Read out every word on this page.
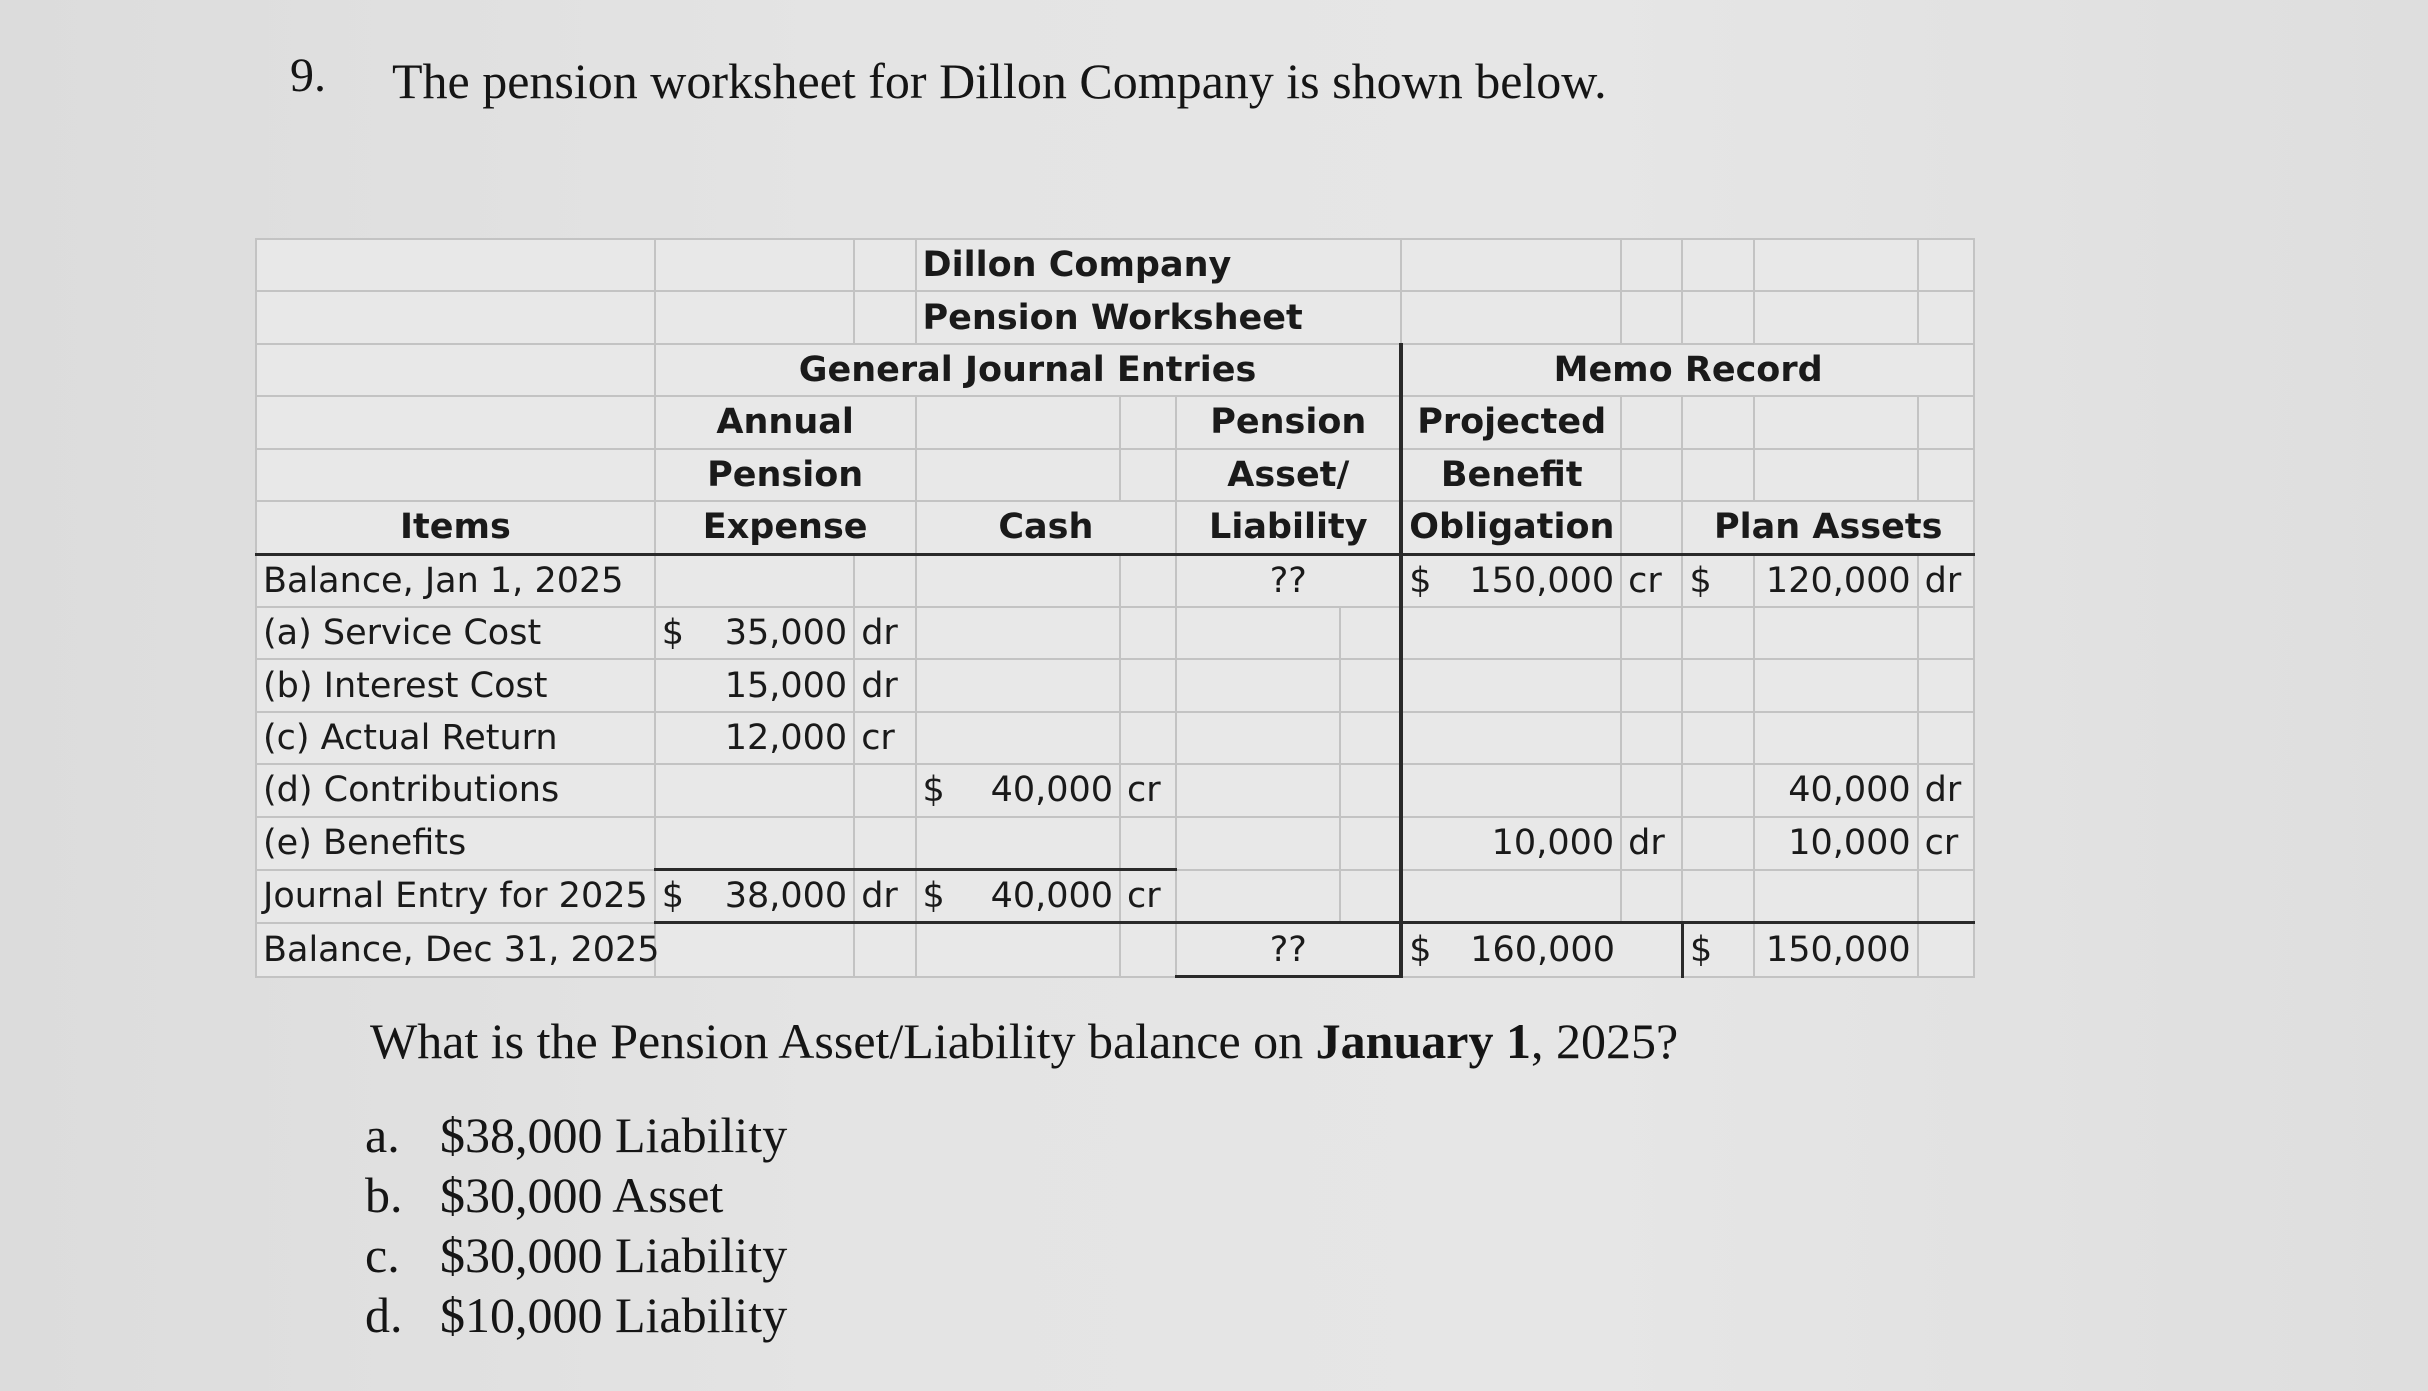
9. The pension worksheet for Dillon Company is shown below.
			Dillon Company								
			Pension Worksheet								
	General Journal Entries						Memo Record				
	Annual				Pension		Projected				
	Pension				Asset/		Benefit				
Items	Expense		Cash		Liability		Obligation		Plan Assets		
Balance, Jan 1, 2025					??		$ 150,000	cr	$	120,000	dr
(a) Service Cost	$ 35,000	dr									
(b) Interest Cost	15,000	dr									
(c) Actual Return	12,000	cr									
(d) Contributions			$ 40,000	cr						40,000	dr
(e) Benefits							10,000	dr		10,000	cr
Journal Entry for 2025	$ 38,000	dr	$ 40,000	cr							
Balance, Dec 31, 2025					??		$ 160,000		$	150,000	
What is the Pension Asset/Liability balance on January 1, 2025?
a. $38,000 Liability
b. $30,000 Asset
c. $30,000 Liability
d. $10,000 Liability
